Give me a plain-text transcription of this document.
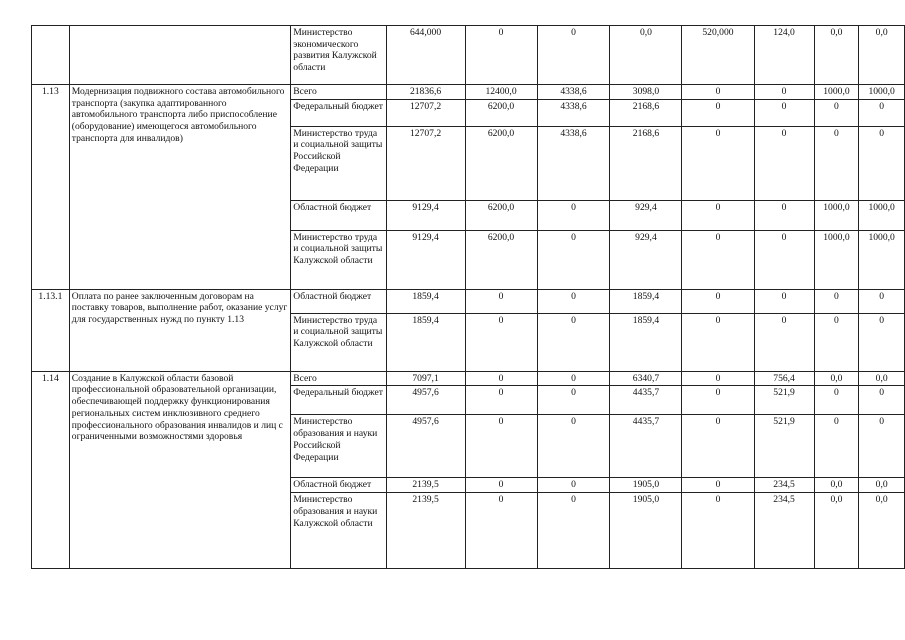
		Министерство экономического развития Калужской области	644,000	0	0	0,0	520,000	124,0	0,0	0,0
1.13	Модернизация подвижного состава автомобильного транспорта (закупка адаптированного автомобильного транспорта либо приспособление (оборудование) имеющегося автомобильного транспорта для инвалидов)	Всего	21836,6	12400,0	4338,6	3098,0	0	0	1000,0	1000,0
		Федеральный бюджет	12707,2	6200,0	4338,6	2168,6	0	0	0	0
		Министерство труда и социальной защиты Российской Федерации	12707,2	6200,0	4338,6	2168,6	0	0	0	0
		Областной бюджет	9129,4	6200,0	0	929,4	0	0	1000,0	1000,0
		Министерство труда и социальной защиты Калужской области	9129,4	6200,0	0	929,4	0	0	1000,0	1000,0
1.13.1	Оплата по ранее заключенным договорам на поставку товаров, выполнение работ, оказание услуг для государственных нужд по пункту 1.13	Областной бюджет	1859,4	0	0	1859,4	0	0	0	0
		Министерство труда и социальной защиты Калужской области	1859,4	0	0	1859,4	0	0	0	0
1.14	Создание в Калужской области базовой профессиональной образовательной организации, обеспечивающей поддержку функционирования региональных систем инклюзивного среднего профессионального образования инвалидов и лиц с ограниченными возможностями здоровья	Всего	7097,1	0	0	6340,7	0	756,4	0,0	0,0
		Федеральный бюджет	4957,6	0	0	4435,7	0	521,9	0	0
		Министерство образования и науки Российской Федерации	4957,6	0	0	4435,7	0	521,9	0	0
		Областной бюджет	2139,5	0	0	1905,0	0	234,5	0,0	0,0
		Министерство образования и науки Калужской области	2139,5	0	0	1905,0	0	234,5	0,0	0,0
